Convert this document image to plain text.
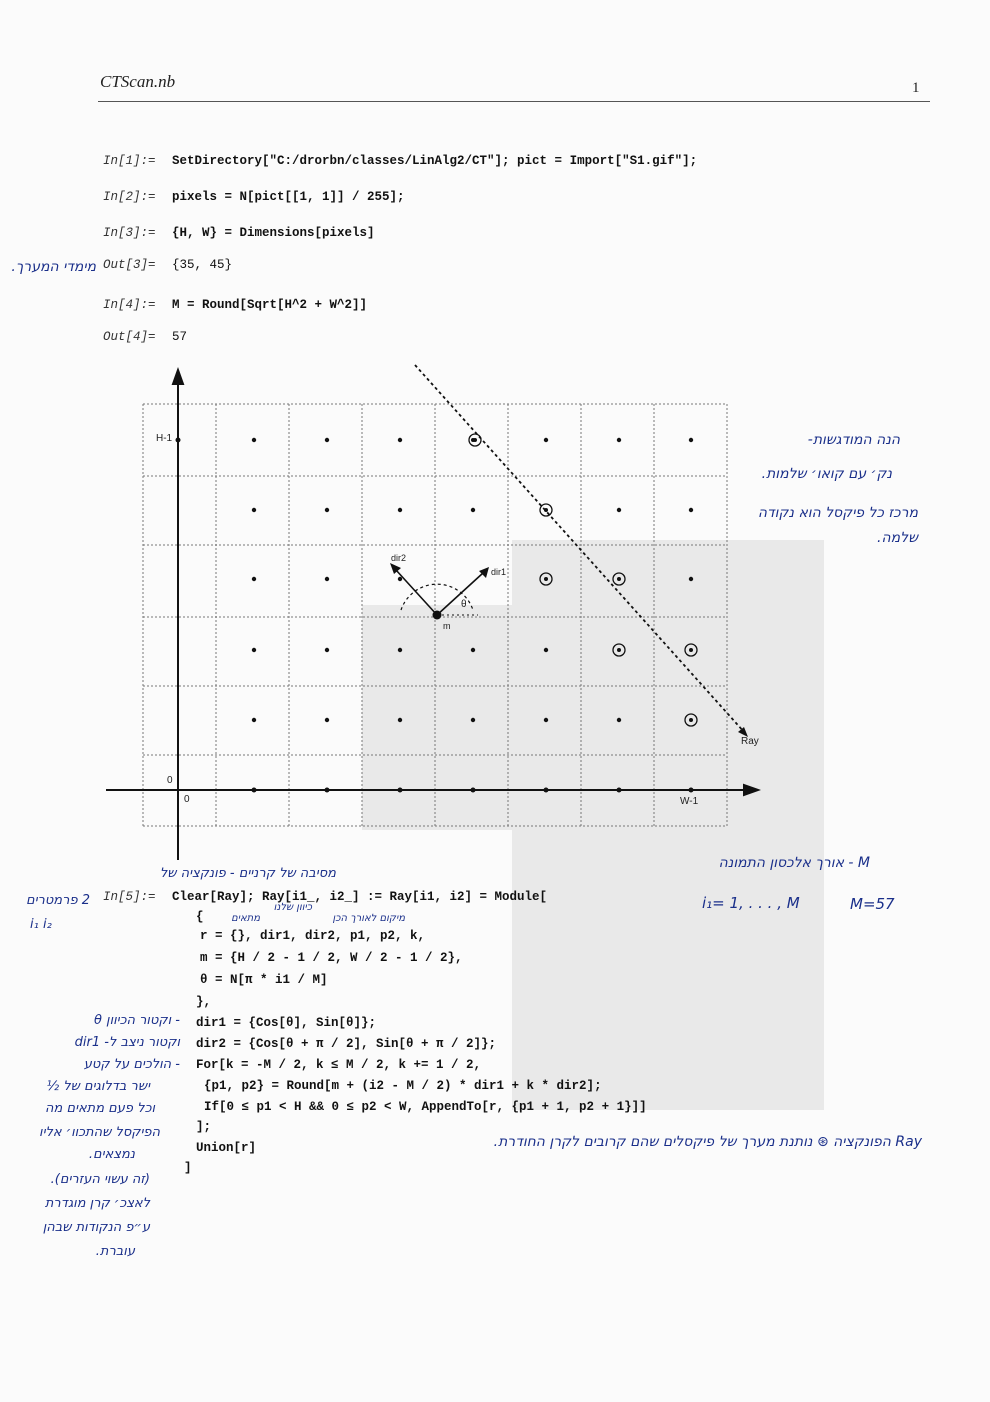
CTScan.nb	1
In[1]:= SetDirectory["C:/drorbn/classes/LinAlg2/CT"]; pict = Import["S1.gif"];
In[2]:= pixels = N[pict[[1, 1]] / 255];
In[3]:= {H, W} = Dimensions[pixels]
Out[3]= {35, 45}
In[4]:= M = Round[Sqrt[H^2 + W^2]]
Out[4]= 57
מימדי המערך.
H-1
0
0	W-1
dir1
dir2
θ
m
Ray
הנה המודגשות-
נק׳ עם קואו׳ שלמות.
מרכז כל פיקסל הוא נקודה
שלמה.
M - אורך אלכסון התמונה
i₁= 1, . . . , M	M=57
מסיבה של קרניים - פונקציה של
2 פרמטרים
i₁ i₂
כיוון שלנו
מיקום לאורך הכן
מתאים
In[5]:= Clear[Ray]; Ray[i1_, i2_] := Ray[i1, i2] = Module[
{
r = {}, dir1, dir2, p1, p2, k,
m = {H / 2 - 1 / 2, W / 2 - 1 / 2},
θ = N[π * i1 / M]
},
dir1 = {Cos[θ], Sin[θ]};
dir2 = {Cos[θ + π / 2], Sin[θ + π / 2]};
For[k = -M / 2, k ≤ M / 2, k += 1 / 2,
{p1, p2} = Round[m + (i2 - M / 2) * dir1 + k * dir2];
If[0 ≤ p1 < H && 0 ≤ p2 < W, AppendTo[r, {p1 + 1, p2 + 1}]]
];
Union[r]
]
- וקטור הכיוון θ
וקטור ניצב ל- dir1
- הולכים על קטע
ישר בדלוגים של ½
וכל פעם מתאים מה
הפיקסל שהתכוו׳ אליו
נמצאים.
(זה עשוי העזרים).
לאצכ׳ קרן מוגדרת
ע״פ הנקודות שבהן
עוברת.
Ray הפונקציה ⊛ נותנת מערך של פיקסלים שהם קרובים לקרן החודרת.
